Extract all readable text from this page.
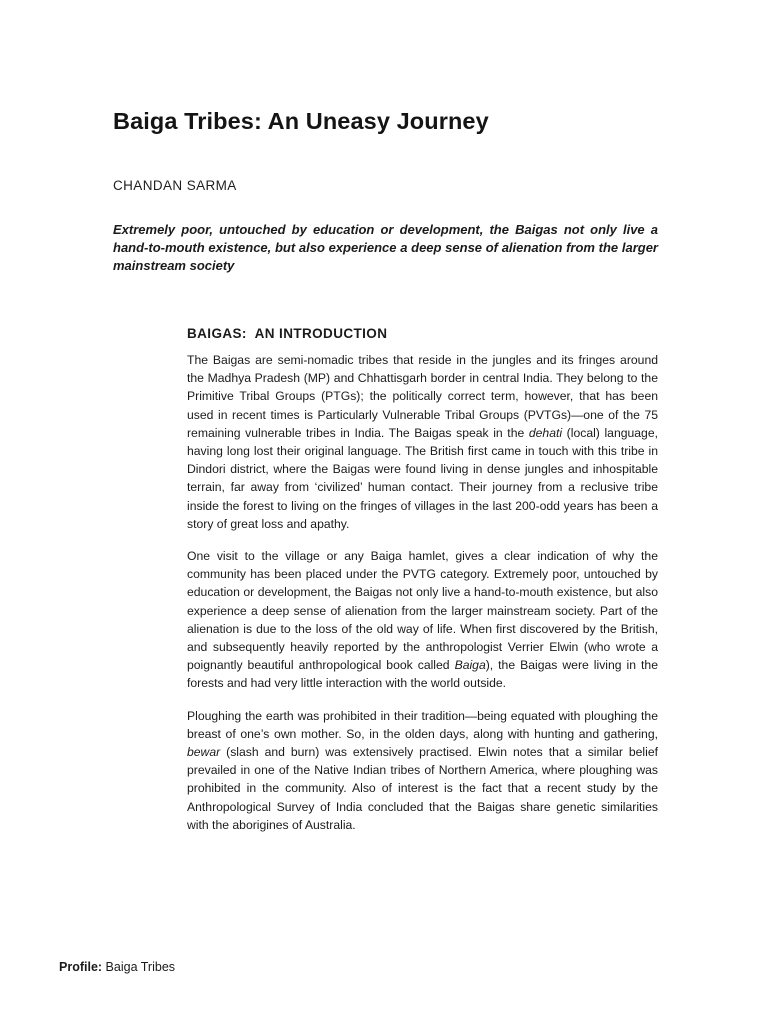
Baiga Tribes: An Uneasy Journey

CHANDAN SARMA

Extremely poor, untouched by education or development, the Baigas not only live a hand-to-mouth existence, but also experience a deep sense of alienation from the larger mainstream society

BAIGAS:  AN INTRODUCTION

The Baigas are semi-nomadic tribes that reside in the jungles and its fringes around the Madhya Pradesh (MP) and Chhattisgarh border in central India. They belong to the Primitive Tribal Groups (PTGs); the politically correct term, however, that has been used in recent times is Particularly Vulnerable Tribal Groups (PVTGs)—one of the 75 remaining vulnerable tribes in India. The Baigas speak in the dehati (local) language, having long lost their original language. The British first came in touch with this tribe in Dindori district, where the Baigas were found living in dense jungles and inhospitable terrain, far away from ‘civilized’ human contact. Their journey from a reclusive tribe inside the forest to living on the fringes of villages in the last 200-odd years has been a story of great loss and apathy.

One visit to the village or any Baiga hamlet, gives a clear indication of why the community has been placed under the PVTG category. Extremely poor, untouched by education or development, the Baigas not only live a hand-to-mouth existence, but also experience a deep sense of alienation from the larger mainstream society. Part of the alienation is due to the loss of the old way of life. When first discovered by the British, and subsequently heavily reported by the anthropologist Verrier Elwin (who wrote a poignantly beautiful anthropological book called Baiga), the Baigas were living in the forests and had very little interaction with the world outside.

Ploughing the earth was prohibited in their tradition—being equated with ploughing the breast of one’s own mother. So, in the olden days, along with hunting and gathering, bewar (slash and burn) was extensively practised. Elwin notes that a similar belief prevailed in one of the Native Indian tribes of Northern America, where ploughing was prohibited in the community. Also of interest is the fact that a recent study by the Anthropological Survey of India concluded that the Baigas share genetic similarities with the aborigines of Australia.

Profile: Baiga Tribes
